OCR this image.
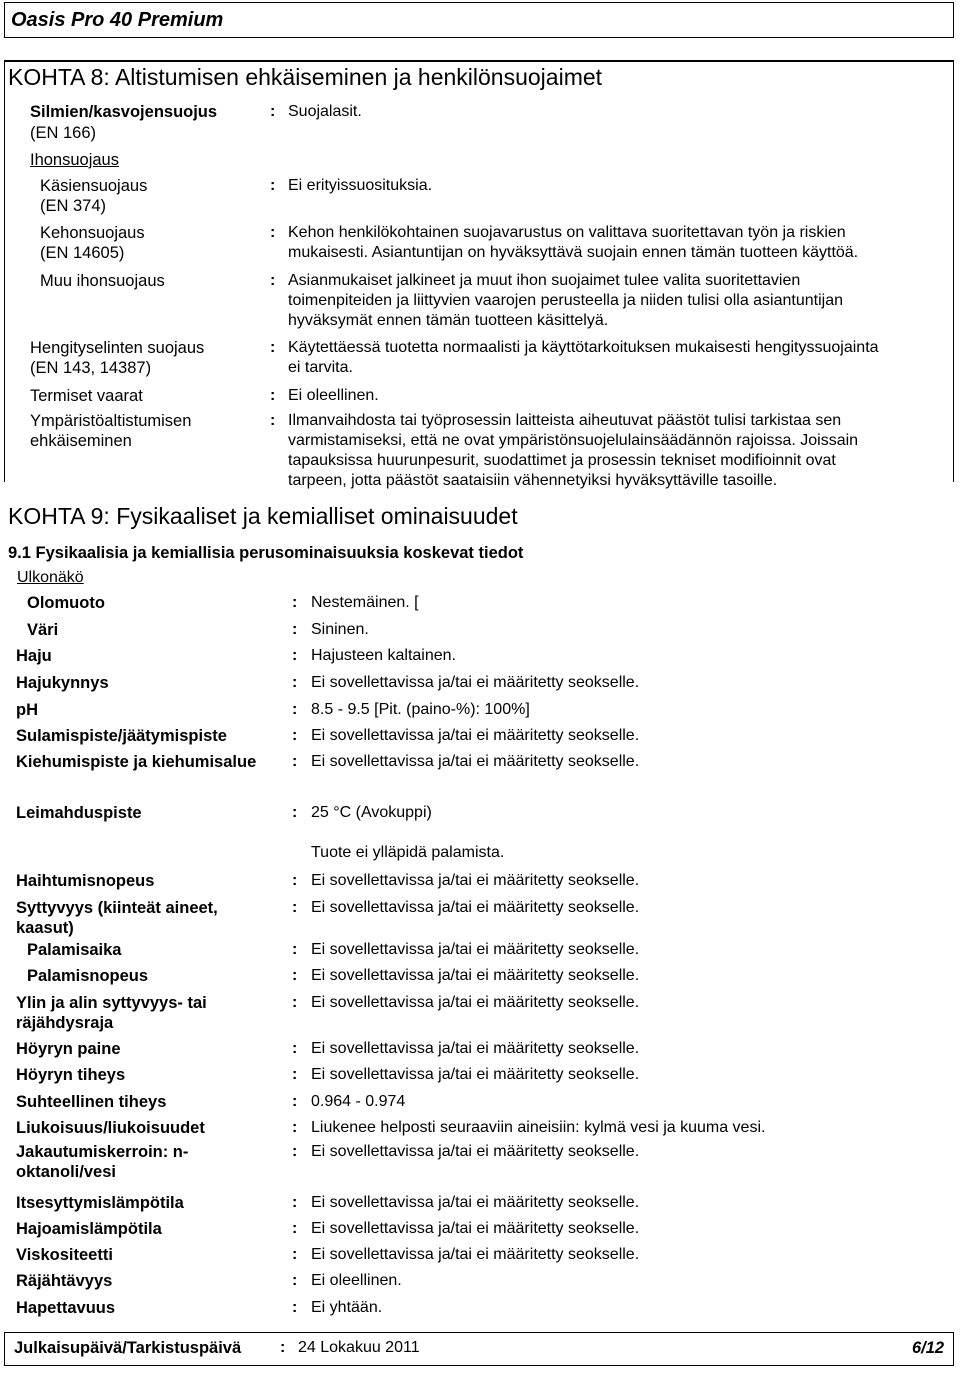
Oasis Pro 40 Premium
KOHTA 8: Altistumisen ehkäiseminen ja henkilönsuojaimet
Silmien/kasvojensuojus
(EN 166)
: Suojalasit.
Ihonsuojaus
Käsiensuojaus
(EN 374)
: Ei erityissuosituksia.
Kehonsuojaus
(EN 14605)
: Kehon henkilökohtainen suojavarustus on valittava suoritettavan työn ja riskien
mukaisesti. Asiantuntijan on hyväksyttävä suojain ennen tämän tuotteen käyttöä.
Muu ihonsuojaus	: Asianmukaiset jalkineet ja muut ihon suojaimet tulee valita suoritettavien
toimenpiteiden ja liittyvien vaarojen perusteella ja niiden tulisi olla asiantuntijan
hyväksymät ennen tämän tuotteen käsittelyä.
Hengityselinten suojaus
(EN 143, 14387)
: Käytettäessä tuotetta normaalisti ja käyttötarkoituksen mukaisesti hengityssuojainta
ei tarvita.
Termiset vaarat	: Ei oleellinen.
Ympäristöaltistumisen
ehkäiseminen
: Ilmanvaihdosta tai työprosessin laitteista aiheutuvat päästöt tulisi tarkistaa sen
varmistamiseksi, että ne ovat ympäristönsuojelulainsäädännön rajoissa. Joissain
tapauksissa huurunpesurit, suodattimet ja prosessin tekniset modifioinnit ovat
tarpeen, jotta päästöt saataisiin vähennetyiksi hyväksyttäville tasoille.
KOHTA 9: Fysikaaliset ja kemialliset ominaisuudet
9.1 Fysikaalisia ja kemiallisia perusominaisuuksia koskevat tiedot
Ulkonäkö
Olomuoto	: Nestemäinen. [
Väri	: Sininen.
Haju	: Hajusteen kaltainen.
Hajukynnys	: Ei sovellettavissa ja/tai ei määritetty seokselle.
pH	: 8.5 - 9.5 [Pit. (paino-%): 100%]
Sulamispiste/jäätymispiste	: Ei sovellettavissa ja/tai ei määritetty seokselle.
Kiehumispiste ja kiehumisalue : Ei sovellettavissa ja/tai ei määritetty seokselle.
Leimahduspiste	: 25 °C (Avokuppi)
Tuote ei ylläpidä palamista.
Haihtumisnopeus	: Ei sovellettavissa ja/tai ei määritetty seokselle.
Syttyvyys (kiinteät aineet,
kaasut)
: Ei sovellettavissa ja/tai ei määritetty seokselle.
Palamisaika	: Ei sovellettavissa ja/tai ei määritetty seokselle.
Palamisnopeus	: Ei sovellettavissa ja/tai ei määritetty seokselle.
Ylin ja alin syttyvyys- tai
räjähdysraja
: Ei sovellettavissa ja/tai ei määritetty seokselle.
Höyryn paine	: Ei sovellettavissa ja/tai ei määritetty seokselle.
Höyryn tiheys	: Ei sovellettavissa ja/tai ei määritetty seokselle.
Suhteellinen tiheys	: 0.964 - 0.974
Liukoisuus/liukoisuudet	: Liukenee helposti seuraaviin aineisiin: kylmä vesi ja kuuma vesi.
Jakautumiskerroin: n-
oktanoli/vesi
: Ei sovellettavissa ja/tai ei määritetty seokselle.
Itsesyttymislämpötila	: Ei sovellettavissa ja/tai ei määritetty seokselle.
Hajoamislämpötila	: Ei sovellettavissa ja/tai ei määritetty seokselle.
Viskositeetti	: Ei sovellettavissa ja/tai ei määritetty seokselle.
Räjähtävyys	: Ei oleellinen.
Hapettavuus	: Ei yhtään.
Julkaisupäivä/Tarkistuspäivä : 24 Lokakuu 2011	6/12
